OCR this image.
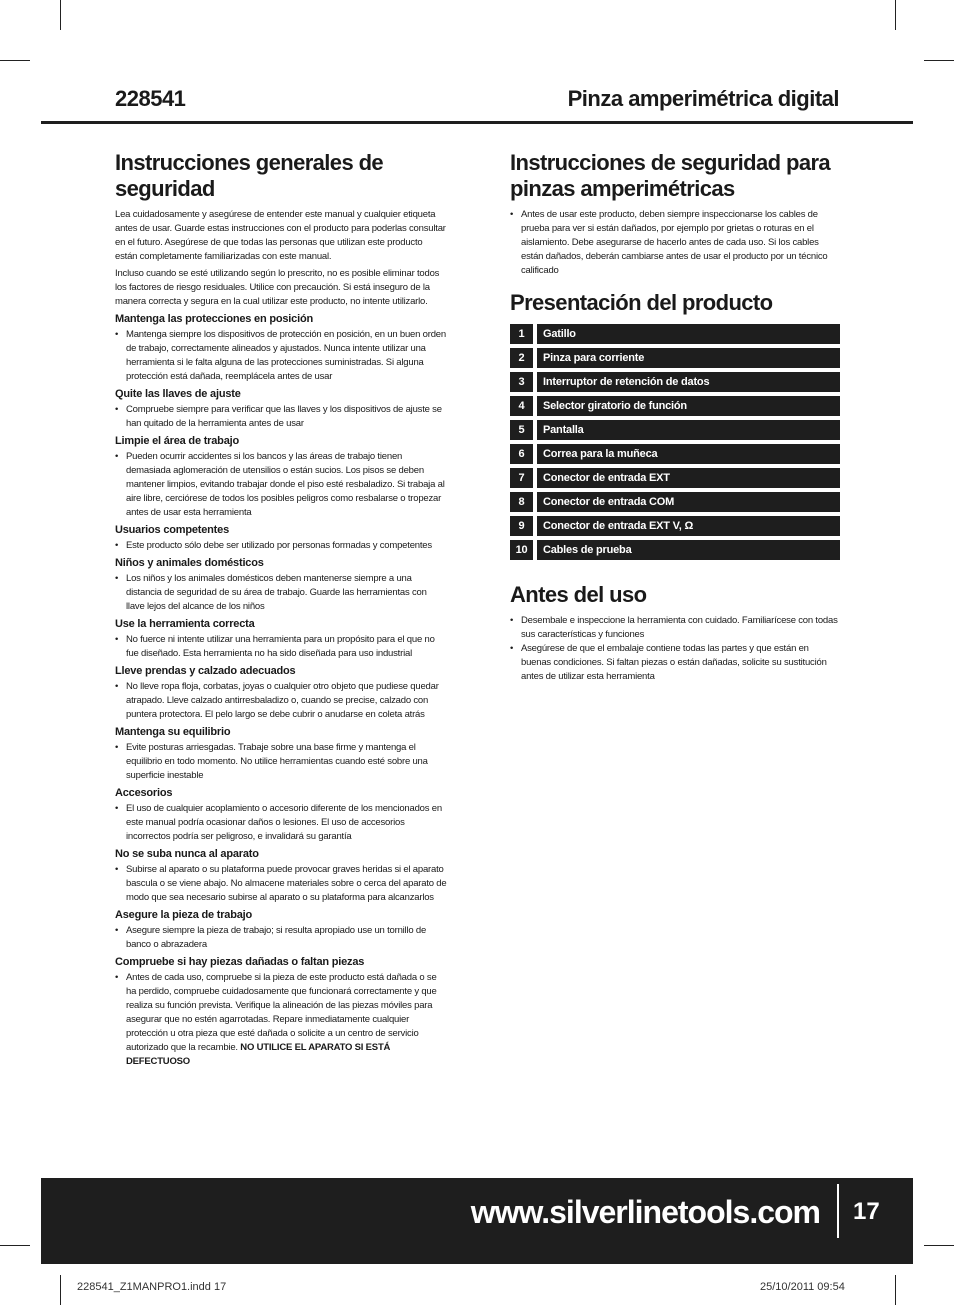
228541	Pinza amperimétrica digital
Instrucciones generales de seguridad

Lea cuidadosamente y asegúrese de entender este manual y cualquier etiqueta antes de usar. Guarde estas instrucciones con el producto para poderlas consultar en el futuro. Asegúrese de que todas las personas que utilizan este producto están completamente familiarizadas con este manual.

Incluso cuando se esté utilizando según lo prescrito, no es posible eliminar todos los factores de riesgo residuales. Utilice con precaución. Si está inseguro de la manera correcta y segura en la cual utilizar este producto, no intente utilizarlo.

Mantenga las protecciones en posición
• Mantenga siempre los dispositivos de protección en posición, en un buen orden de trabajo, correctamente alineados y ajustados. Nunca intente utilizar una herramienta si le falta alguna de las protecciones suministradas. Si alguna protección está dañada, reemplácela antes de usar
Quite las llaves de ajuste
• Compruebe siempre para verificar que las llaves y los dispositivos de ajuste se han quitado de la herramienta antes de usar
Limpie el área de trabajo
• Pueden ocurrir accidentes si los bancos y las áreas de trabajo tienen demasiada aglomeración de utensilios o están sucios. Los pisos se deben mantener limpios, evitando trabajar donde el piso esté resbaladizo. Si trabaja al aire libre, cerciórese de todos los posibles peligros como resbalarse o tropezar antes de usar esta herramienta
Usuarios competentes
• Este producto sólo debe ser utilizado por personas formadas y competentes
Niños y animales domésticos
• Los niños y los animales domésticos deben mantenerse siempre a una distancia de seguridad de su área de trabajo. Guarde las herramientas con llave lejos del alcance de los niños
Use la herramienta correcta
• No fuerce ni intente utilizar una herramienta para un propósito para el que no fue diseñado. Esta herramienta no ha sido diseñada para uso industrial
Lleve prendas y calzado adecuados
• No lleve ropa floja, corbatas, joyas o cualquier otro objeto que pudiese quedar atrapado. Lleve calzado antirresbaladizo o, cuando se precise, calzado con puntera protectora. El pelo largo se debe cubrir o anudarse en coleta atrás
Mantenga su equilibrio
• Evite posturas arriesgadas. Trabaje sobre una base firme y mantenga el equilibrio en todo momento. No utilice herramientas cuando esté sobre una superficie inestable
Accesorios
• El uso de cualquier acoplamiento o accesorio diferente de los mencionados en este manual podría ocasionar daños o lesiones. El uso de accesorios incorrectos podría ser peligroso, e invalidará su garantía
No se suba nunca al aparato
• Subirse al aparato o su plataforma puede provocar graves heridas si el aparato bascula o se viene abajo. No almacene materiales sobre o cerca del aparato de modo que sea necesario subirse al aparato o su plataforma para alcanzarlos
Asegure la pieza de trabajo
• Asegure siempre la pieza de trabajo; si resulta apropiado use un tornillo de banco o abrazadera
Compruebe si hay piezas dañadas o faltan piezas
• Antes de cada uso, compruebe si la pieza de este producto está dañada o se ha perdido, compruebe cuidadosamente que funcionará correctamente y que realiza su función prevista. Verifique la alineación de las piezas móviles para asegurar que no estén agarrotadas. Repare inmediatamente cualquier protección u otra pieza que esté dañada o solicite a un centro de servicio autorizado que la recambie. NO UTILICE EL APARATO SI ESTÁ DEFECTUOSO
Instrucciones de seguridad para pinzas amperimétricas
• Antes de usar este producto, deben siempre inspeccionarse los cables de prueba para ver si están dañados, por ejemplo por grietas o roturas en el aislamiento. Debe asegurarse de hacerlo antes de cada uso. Si los cables están dañados, deberán cambiarse antes de usar el producto por un técnico calificado
Presentación del producto
1		Gatillo
2		Pinza para corriente
3		Interruptor de retención de datos
4		Selector giratorio de función
5		Pantalla
6		Correa para la muñeca
7		Conector de entrada EXT
8		Conector de entrada COM
9		Conector de entrada EXT V, Ω
10		Cables de prueba
Antes del uso
• Desembale e inspeccione la herramienta con cuidado. Familiarícese con todas sus características y funciones
• Asegúrese de que el embalaje contiene todas las partes y que están en buenas condiciones. Si faltan piezas o están dañadas, solicite su sustitución antes de utilizar esta herramienta
www.silverlinetools.com 17
228541_Z1MANPRO1.indd 17	25/10/2011 09:54
